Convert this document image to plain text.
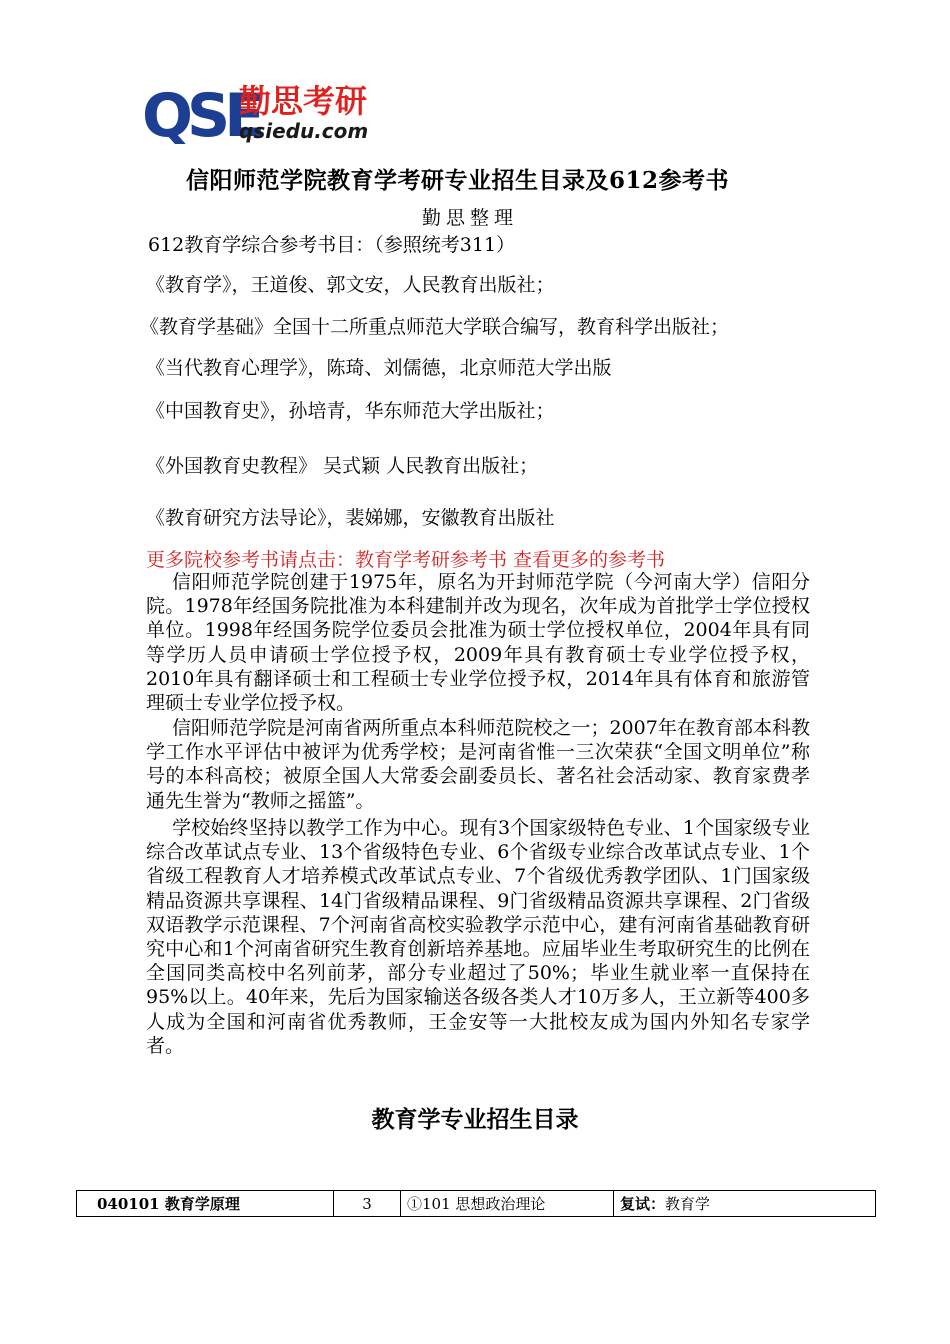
QSE
勤思考研
qsiedu.com
信阳师范学院教育学考研专业招生目录及612参考书
勤思整理
612教育学综合参考书目：（参照统考311）
《教育学》，王道俊、郭文安，人民教育出版社；
《教育学基础》全国十二所重点师范大学联合编写，教育科学出版社；
《当代教育心理学》，陈琦、刘儒德，北京师范大学出版
《中国教育史》，孙培青，华东师范大学出版社；
《外国教育史教程》 吴式颖 人民教育出版社；
《教育研究方法导论》，裴娣娜，安徽教育出版社
更多院校参考书请点击：教育学考研参考书 查看更多的参考书
信阳师范学院创建于1975年，原名为开封师范学院（今河南大学）信阳分院。1978年经国务院批准为本科建制并改为现名，次年成为首批学士学位授权单位。1998年经国务院学位委员会批准为硕士学位授权单位，2004年具有同等学历人员申请硕士学位授予权，2009年具有教育硕士专业学位授予权，2010年具有翻译硕士和工程硕士专业学位授予权，2014年具有体育和旅游管理硕士专业学位授予权。
信阳师范学院是河南省两所重点本科师范院校之一；2007年在教育部本科教学工作水平评估中被评为优秀学校；是河南省惟一三次荣获“全国文明单位”称号的本科高校；被原全国人大常委会副委员长、著名社会活动家、教育家费孝通先生誉为“教师之摇篮”。
学校始终坚持以教学工作为中心。现有3个国家级特色专业、1个国家级专业综合改革试点专业、13个省级特色专业、6个省级专业综合改革试点专业、1个省级工程教育人才培养模式改革试点专业、7个省级优秀教学团队、1门国家级精品资源共享课程、14门省级精品课程、9门省级精品资源共享课程、2门省级双语教学示范课程、7个河南省高校实验教学示范中心，建有河南省基础教育研究中心和1个河南省研究生教育创新培养基地。应届毕业生考取研究生的比例在全国同类高校中名列前茅，部分专业超过了50%；毕业生就业率一直保持在95%以上。40年来，先后为国家输送各级各类人才10万多人，王立新等400多人成为全国和河南省优秀教师，王金安等一大批校友成为国内外知名专家学者。
教育学专业招生目录
040101 教育学原理	3	①101 思想政治理论	复试：教育学
